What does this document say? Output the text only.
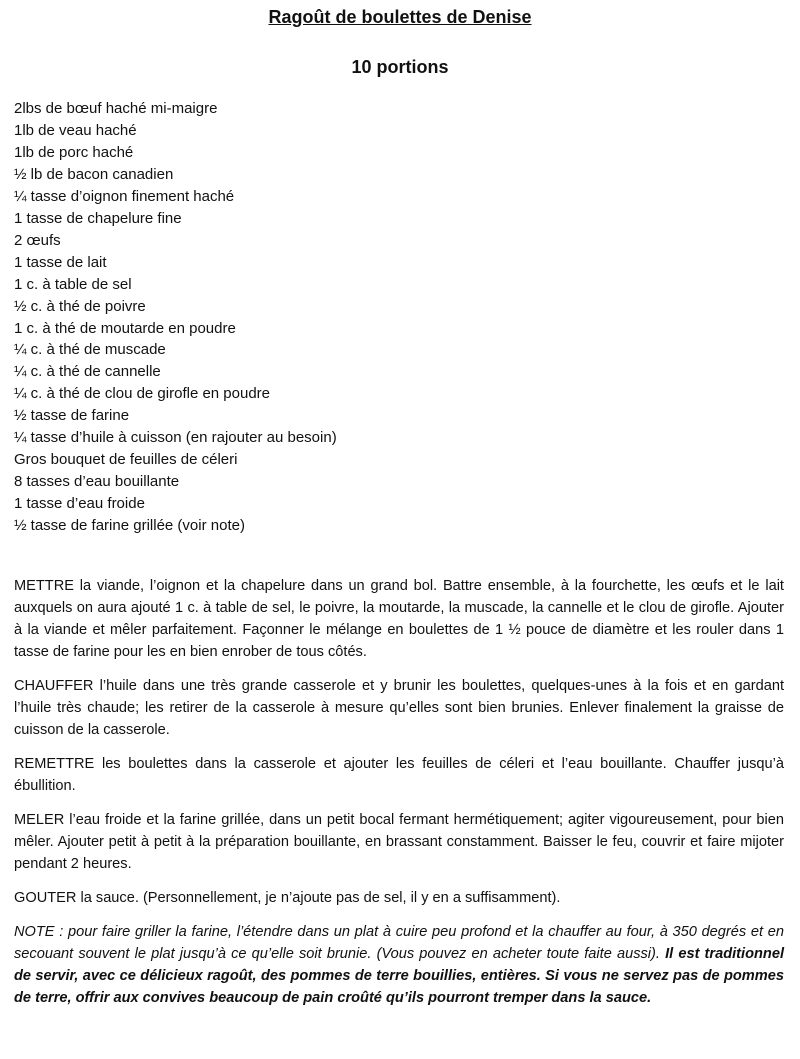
Ragoût de boulettes de Denise
10 portions
2lbs de bœuf haché mi-maigre
1lb de veau haché
1lb de porc haché
½ lb de bacon canadien
¼ tasse d’oignon finement haché
1 tasse de chapelure fine
2 œufs
1 tasse de lait
1 c. à table de sel
½ c. à thé de poivre
1 c. à thé de moutarde en poudre
¼ c. à thé de muscade
¼ c. à thé de cannelle
¼ c. à thé de clou de girofle en poudre
½ tasse de farine
¼ tasse d’huile à cuisson (en rajouter au besoin)
Gros bouquet de feuilles de céleri
8 tasses d’eau bouillante
1 tasse d’eau froide
½ tasse de farine grillée (voir note)

METTRE la viande, l’oignon et la chapelure dans un grand bol. Battre ensemble, à la fourchette, les œufs et le lait auxquels on aura ajouté 1 c. à table de sel, le poivre, la moutarde, la muscade, la cannelle et le clou de girofle. Ajouter à la viande et mêler parfaitement. Façonner le mélange en boulettes de 1 ½ pouce de diamètre et les rouler dans 1 tasse de farine pour les en bien enrober de tous côtés.

CHAUFFER l’huile dans une très grande casserole et y brunir les boulettes, quelques-unes à la fois et en gardant l’huile très chaude; les retirer de la casserole à mesure qu’elles sont bien brunies. Enlever finalement la graisse de cuisson de la casserole.

REMETTRE les boulettes dans la casserole et ajouter les feuilles de céleri et l’eau bouillante. Chauffer jusqu’à ébullition.

MELER l’eau froide et la farine grillée, dans un petit bocal fermant hermétiquement; agiter vigoureusement, pour bien mêler. Ajouter petit à petit à la préparation bouillante, en brassant constamment. Baisser le feu, couvrir et faire mijoter pendant 2 heures.

GOUTER la sauce. (Personnellement, je n’ajoute pas de sel, il y en a suffisamment).

NOTE : pour faire griller la farine, l’étendre dans un plat à cuire peu profond et la chauffer au four, à 350 degrés et en secouant souvent le plat jusqu’à ce qu’elle soit brunie. (Vous pouvez en acheter toute faite aussi). Il est traditionnel de servir, avec ce délicieux ragoût, des pommes de terre bouillies, entières. Si vous ne servez pas de pommes de terre, offrir aux convives beaucoup de pain croûté qu’ils pourront tremper dans la sauce.
